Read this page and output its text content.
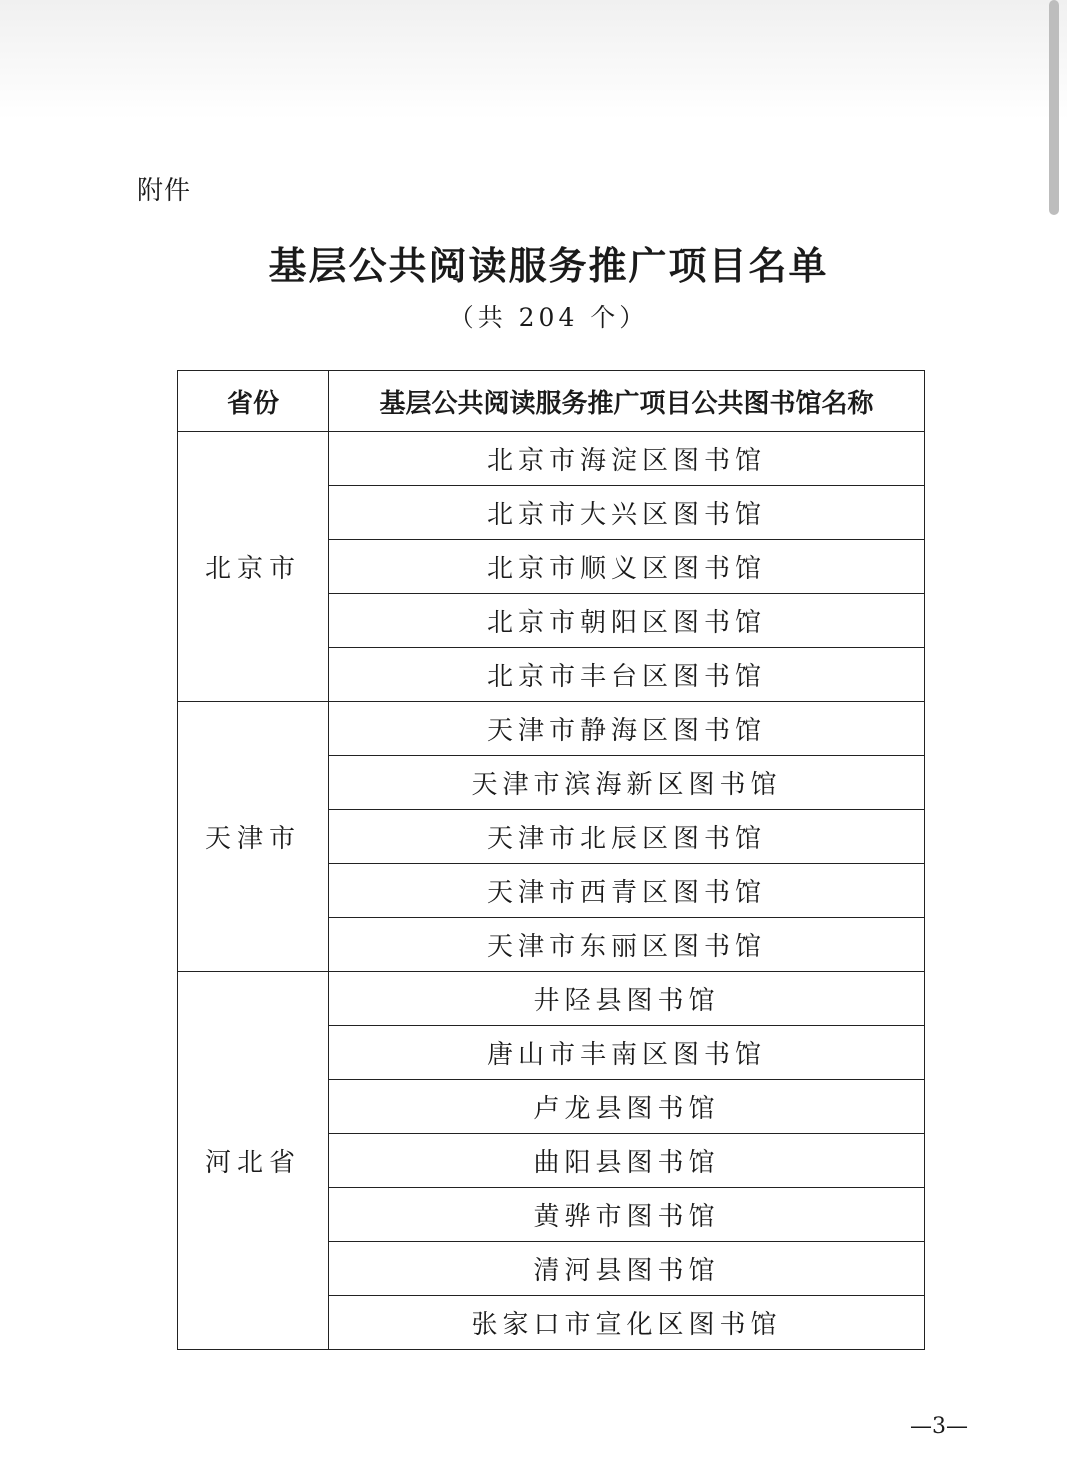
附件
基层公共阅读服务推广项目名单
（共 204 个）
省份	基层公共阅读服务推广项目公共图书馆名称
北京市	北京市海淀区图书馆
	北京市大兴区图书馆
	北京市顺义区图书馆
	北京市朝阳区图书馆
	北京市丰台区图书馆
天津市	天津市静海区图书馆
	天津市滨海新区图书馆
	天津市北辰区图书馆
	天津市西青区图书馆
	天津市东丽区图书馆
河北省	井陉县图书馆
	唐山市丰南区图书馆
	卢龙县图书馆
	曲阳县图书馆
	黄骅市图书馆
	清河县图书馆
	张家口市宣化区图书馆
—3—
